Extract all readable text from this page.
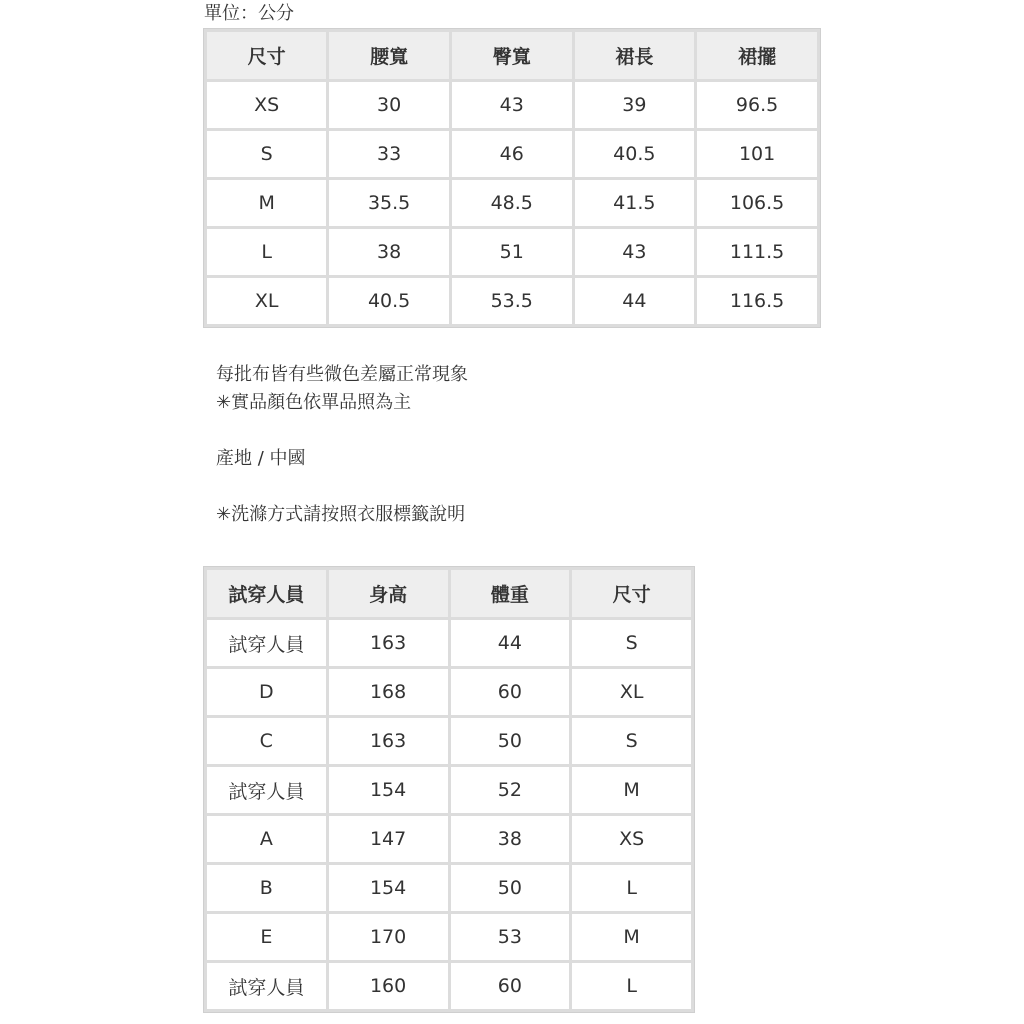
單位：公分
尺寸	腰寬	臀寬	裙長	裙擺
XS	30	43	39	96.5
S	33	46	40.5	101
M	35.5	48.5	41.5	106.5
L	38	51	43	111.5
XL	40.5	53.5	44	116.5
每批布皆有些微色差屬正常現象
✳實品顏色依單品照為主
產地 / 中國
✳洗滌方式請按照衣服標籤說明
試穿人員	身高	體重	尺寸
試穿人員	163	44	S
D	168	60	XL
C	163	50	S
試穿人員	154	52	M
A	147	38	XS
B	154	50	L
E	170	53	M
試穿人員	160	60	L
